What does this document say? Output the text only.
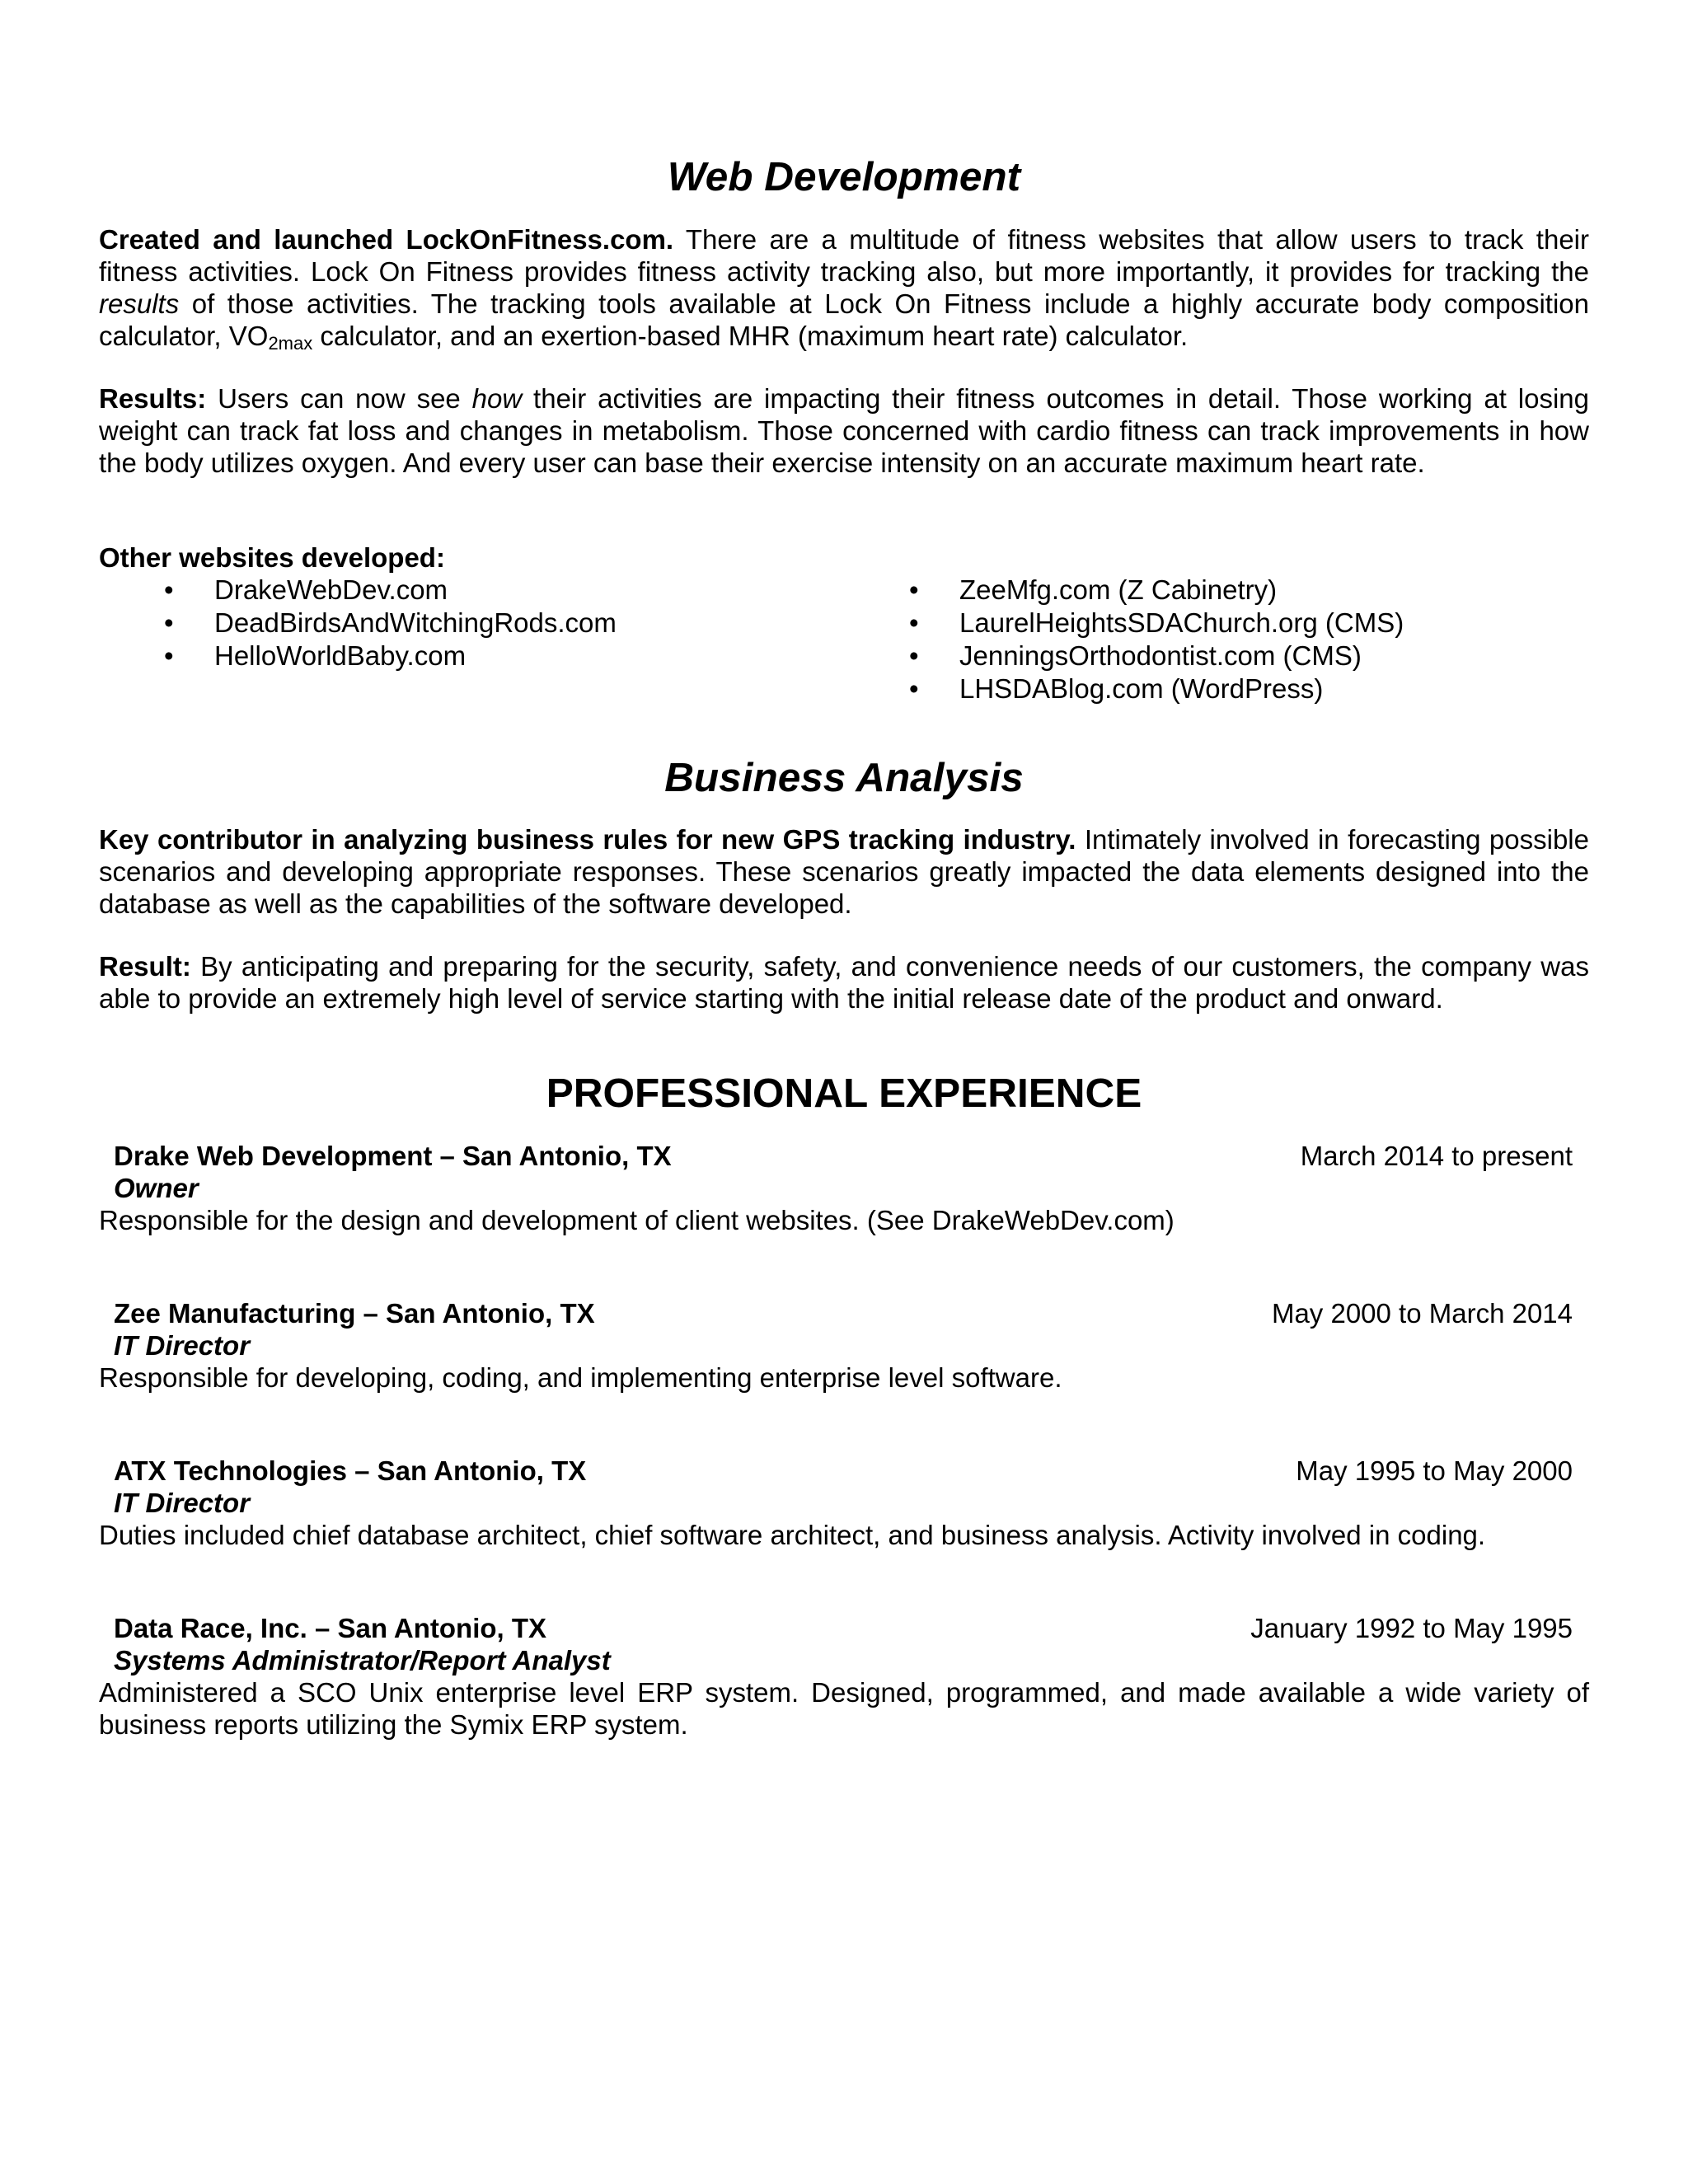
Web Development

Created and launched LockOnFitness.com. There are a multitude of fitness websites that allow users to track their fitness activities. Lock On Fitness provides fitness activity tracking also, but more importantly, it provides for tracking the results of those activities. The tracking tools available at Lock On Fitness include a highly accurate body composition calculator, $VO_{2max}$ calculator, and an exertion-based MHR (maximum heart rate) calculator.

Results: Users can now see how their activities are impacting their fitness outcomes in detail. Those working at losing weight can track fat loss and changes in metabolism. Those concerned with cardio fitness can track improvements in how the body utilizes oxygen. And every user can base their exercise intensity on an accurate maximum heart rate.

Other websites developed:

• DrakeWebDev.com
• DeadBirdsAndWitchingRods.com
• HelloWorldBaby.com
• ZeeMfg.com (Z Cabinetry)
• LaurelHeightsSDAChurch.org (CMS)
• JenningsOrthodontist.com (CMS)
• LHSDABlog.com (WordPress)
Business Analysis

Key contributor in analyzing business rules for new GPS tracking industry. Intimately involved in forecasting possible scenarios and developing appropriate responses. These scenarios greatly impacted the data elements designed into the database as well as the capabilities of the software developed.

Result: By anticipating and preparing for the security, safety, and convenience needs of our customers, the company was able to provide an extremely high level of service starting with the initial release date of the product and onward.

PROFESSIONAL EXPERIENCE
Drake Web Development – San Antonio, TX	March 2014 to present
Owner

Responsible for the design and development of client websites. (See DrakeWebDev.com)

Zee Manufacturing – San Antonio, TX	May 2000 to March 2014
IT Director

Responsible for developing, coding, and implementing enterprise level software.

ATX Technologies – San Antonio, TX	May 1995 to May 2000
IT Director

Duties included chief database architect, chief software architect, and business analysis. Activity involved in coding.

Data Race, Inc. – San Antonio, TX	January 1992 to May 1995
Systems Administrator/Report Analyst

Administered a SCO Unix enterprise level ERP system. Designed, programmed, and made available a wide variety of business reports utilizing the Symix ERP system.
